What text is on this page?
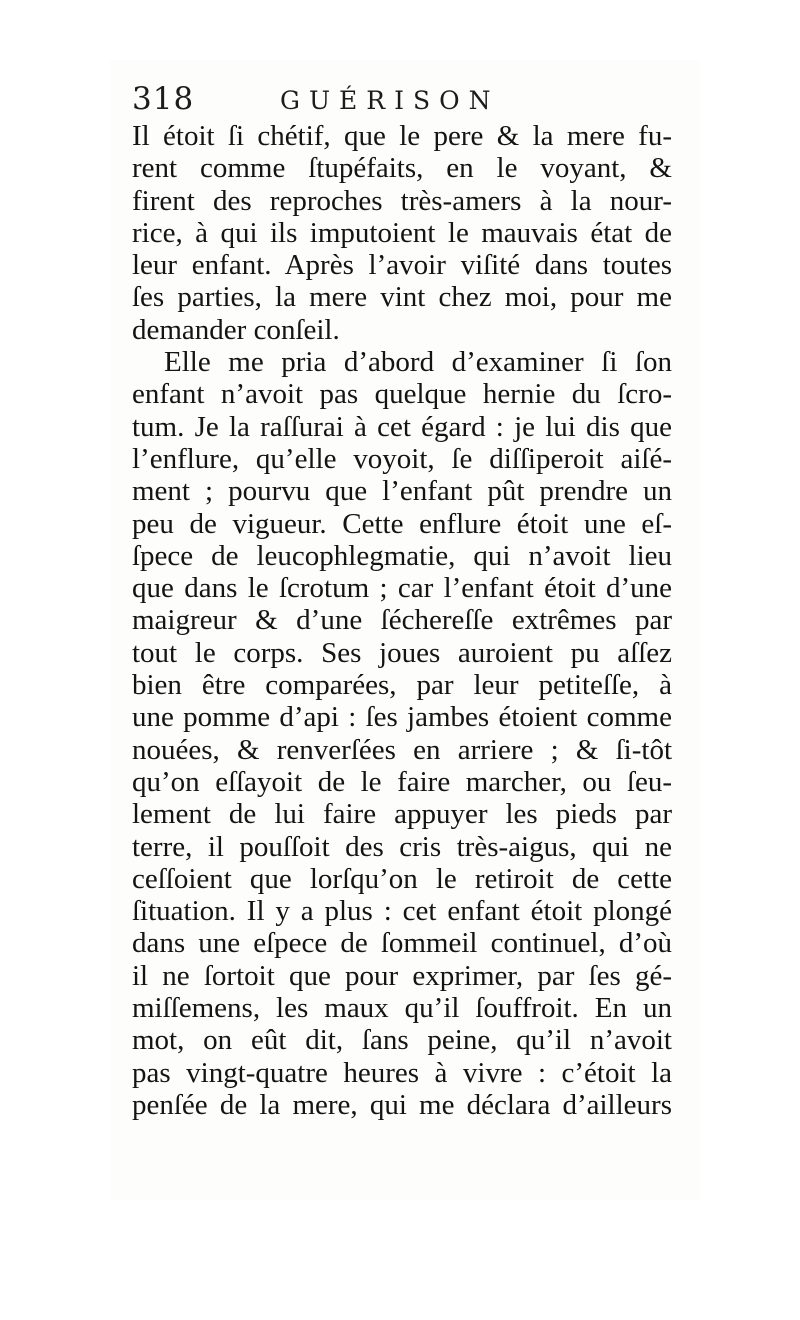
318	GUÉRISON
Il étoit ſi chétif, que le pere & la mere fu-
rent comme ſtupéfaits, en le voyant, &
firent des reproches très-amers à la nour-
rice, à qui ils imputoient le mauvais état de
leur enfant. Après l’avoir viſité dans toutes
ſes parties, la mere vint chez moi, pour me
demander conſeil.
Elle me pria d’abord d’examiner ſi ſon
enfant n’avoit pas quelque hernie du ſcro-
tum. Je la raſſurai à cet égard : je lui dis que
l’enflure, qu’elle voyoit, ſe diſſiperoit aiſé-
ment ; pourvu que l’enfant pût prendre un
peu de vigueur. Cette enflure étoit une eſ-
ſpece de leucophlegmatie, qui n’avoit lieu
que dans le ſcrotum ; car l’enfant étoit d’une
maigreur & d’une ſéchereſſe extrêmes par
tout le corps. Ses joues auroient pu aſſez
bien être comparées, par leur petiteſſe, à
une pomme d’api : ſes jambes étoient comme
nouées, & renverſées en arriere ; & ſi-tôt
qu’on eſſayoit de le faire marcher, ou ſeu-
lement de lui faire appuyer les pieds par
terre, il pouſſoit des cris très-aigus, qui ne
ceſſoient que lorſqu’on le retiroit de cette
ſituation. Il y a plus : cet enfant étoit plongé
dans une eſpece de ſommeil continuel, d’où
il ne ſortoit que pour exprimer, par ſes gé-
miſſemens, les maux qu’il ſouffroit. En un
mot, on eût dit, ſans peine, qu’il n’avoit
pas vingt-quatre heures à vivre : c’étoit la
penſée de la mere, qui me déclara d’ailleurs
